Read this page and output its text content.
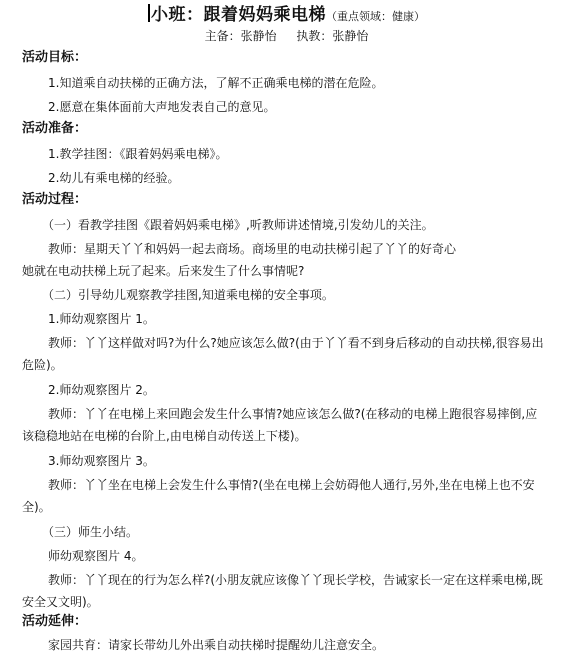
小班：跟着妈妈乘电梯（重点领域：健康）
主备：张静怡 执教：张静怡
活动目标：
1.知道乘自动扶梯的正确方法，了解不正确乘电梯的潜在危险。
2.愿意在集体面前大声地发表自己的意见。
活动准备：
1.教学挂图：《跟着妈妈乘电梯》。
2.幼儿有乘电梯的经验。
活动过程：
（一）看教学挂图《跟着妈妈乘电梯》,听教师讲述情境,引发幼儿的关注。
教师：星期天丫丫和妈妈一起去商场。商场里的电动扶梯引起了丫丫的好奇心
她就在电动扶梯上玩了起来。后来发生了什么事情呢?
（二）引导幼儿观察教学挂图,知道乘电梯的安全事项。
1.师幼观察图片 1。
教师：丫丫这样做对吗?为什么?她应该怎么做?(由于丫丫看不到身后移动的自动扶梯,很容易出
危险)。
2.师幼观察图片 2。
教师：丫丫在电梯上来回跑会发生什么事情?她应该怎么做?(在移动的电梯上跑很容易摔倒,应
该稳稳地站在电梯的台阶上,由电梯自动传送上下楼)。
3.师幼观察图片 3。
教师：丫丫坐在电梯上会发生什么事情?(坐在电梯上会妨碍他人通行,另外,坐在电梯上也不安
全)。
（三）师生小结。
师幼观察图片 4。
教师：丫丫现在的行为怎么样?(小朋友就应该像丫丫现长学校，告诫家长一定在这样乘电梯,既
安全又文明)。
活动延伸：
家园共育：请家长带幼儿外出乘自动扶梯时提醒幼儿注意安全。
